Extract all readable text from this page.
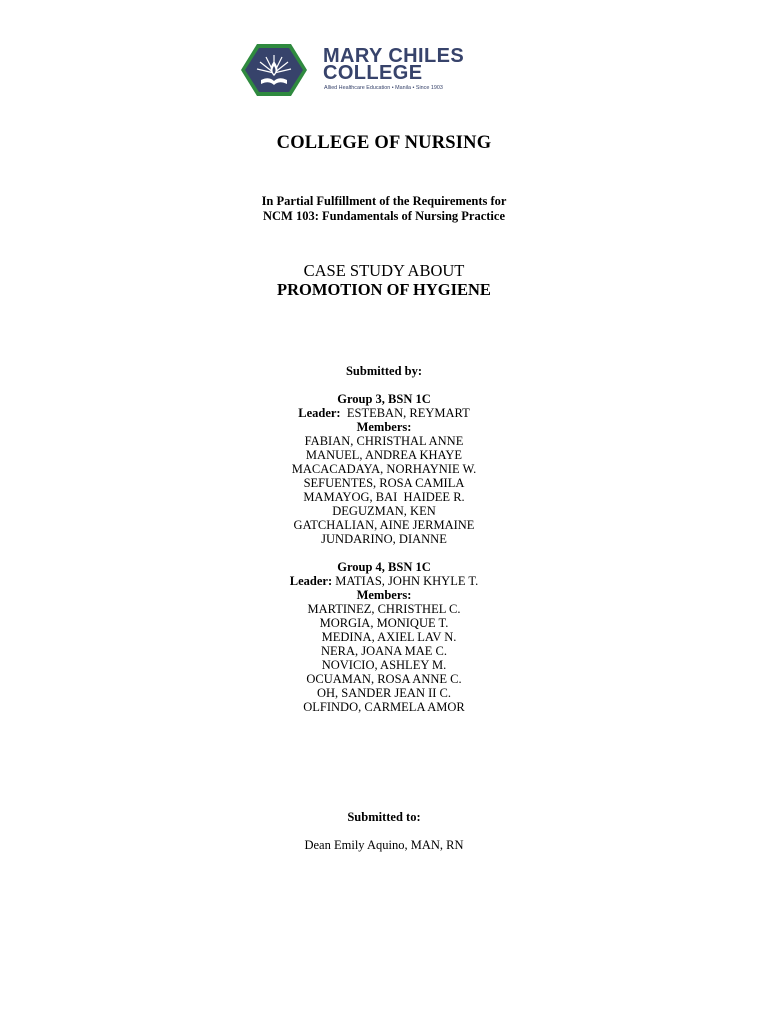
MARY CHILES
COLLEGE
Allied Healthcare Education • Manila • Since 1903
COLLEGE OF NURSING
In Partial Fulfillment of the Requirements for
NCM 103: Fundamentals of Nursing Practice
CASE STUDY ABOUT
PROMOTION OF HYGIENE
Submitted by:
Group 3, BSN 1C
Leader: ESTEBAN, REYMART
Members:
FABIAN, CHRISTHAL ANNE
MANUEL, ANDREA KHAYE
MACACADAYA, NORHAYNIE W.
SEFUENTES, ROSA CAMILA
MAMAYOG, BAI  HAIDEE R.
DEGUZMAN, KEN
GATCHALIAN, AINE JERMAINE
JUNDARINO, DIANNE
Group 4, BSN 1C
Leader: MATIAS, JOHN KHYLE T.
Members:
MARTINEZ, CHRISTHEL C.
MORGIA, MONIQUE T.
MEDINA, AXIEL LAV N.
NERA, JOANA MAE C.
NOVICIO, ASHLEY M.
OCUAMAN, ROSA ANNE C.
OH, SANDER JEAN II C.
OLFINDO, CARMELA AMOR
Submitted to:
Dean Emily Aquino, MAN, RN
